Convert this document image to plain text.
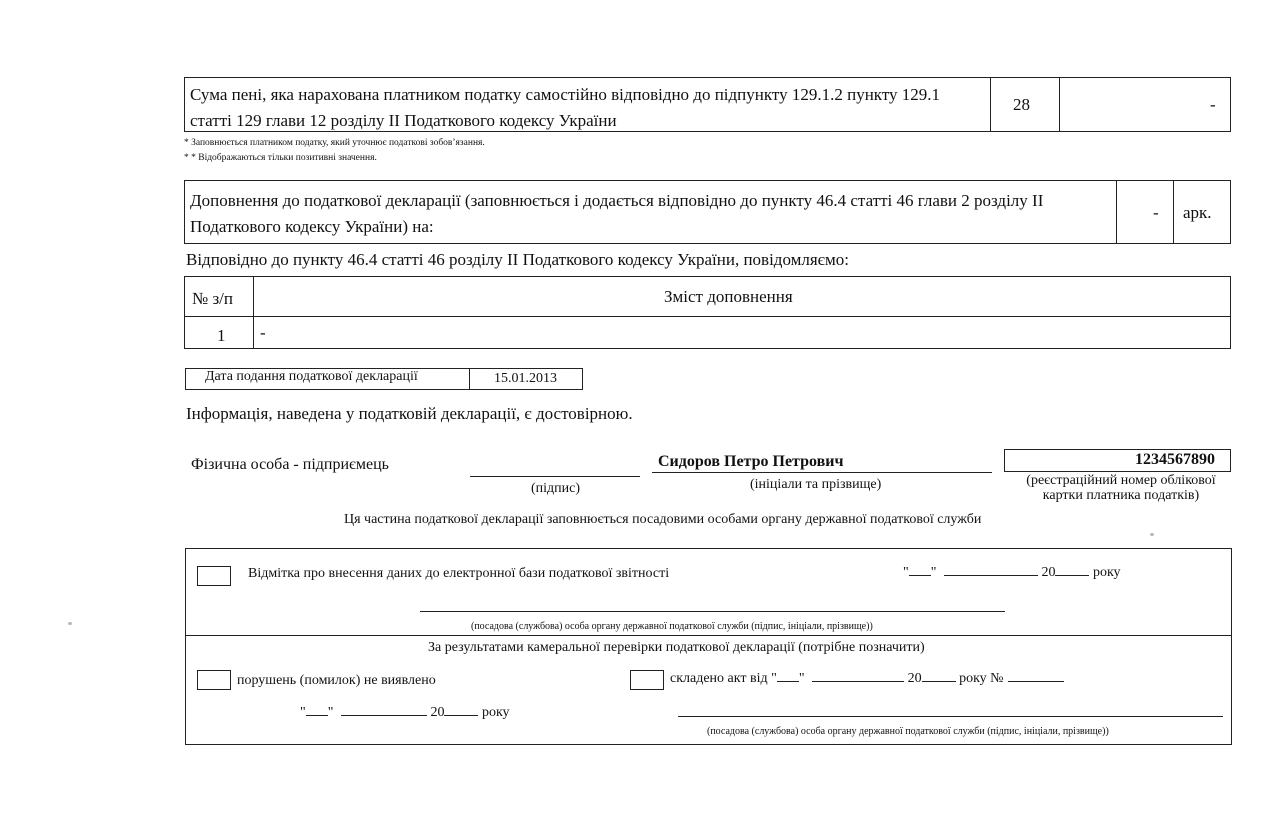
Сума пені, яка нарахована платником податку самостійно відповідно до підпункту 129.1.2 пункту 129.1 статті 129 глави 12 розділу ІІ Податкового кодексу України
28	-
* Заповнюється платником податку, який уточнює податкові зобов’язання.
* * Відображаються тільки позитивні значення.
Доповнення до податкової декларації (заповнюється і додається відповідно до пункту 46.4 статті 46 глави 2 розділу ІІ Податкового кодексу України) на:
- арк.
Відповідно до пункту 46.4 статті 46 розділу ІІ Податкового кодексу України, повідомляємо:
№ з/п	Зміст доповнення
1 -
Дата подання податкової декларації	15.01.2013
Інформація, наведена у податковій декларації, є достовірною.
Фізична особа - підприємець
(підпис)
Сидоров Петро Петрович
(ініціали та прізвище)
1234567890
(реєстраційний номер облікової картки платника податків)
Ця частина податкової декларації заповнюється посадовими особами органу державної податкової служби
Відмітка про внесення даних до електронної бази податкової звітності	" "	20	року
(посадова (службова) особа органу державної податкової служби (підпис, ініціали, прізвище))
За результатами камеральної перевірки податкової декларації (потрібне позначити)
порушень (помилок) не виявлено	складено акт від " "	20	року №
" "	20	року
(посадова (службова) особа органу державної податкової служби (підпис, ініціали, прізвище))
